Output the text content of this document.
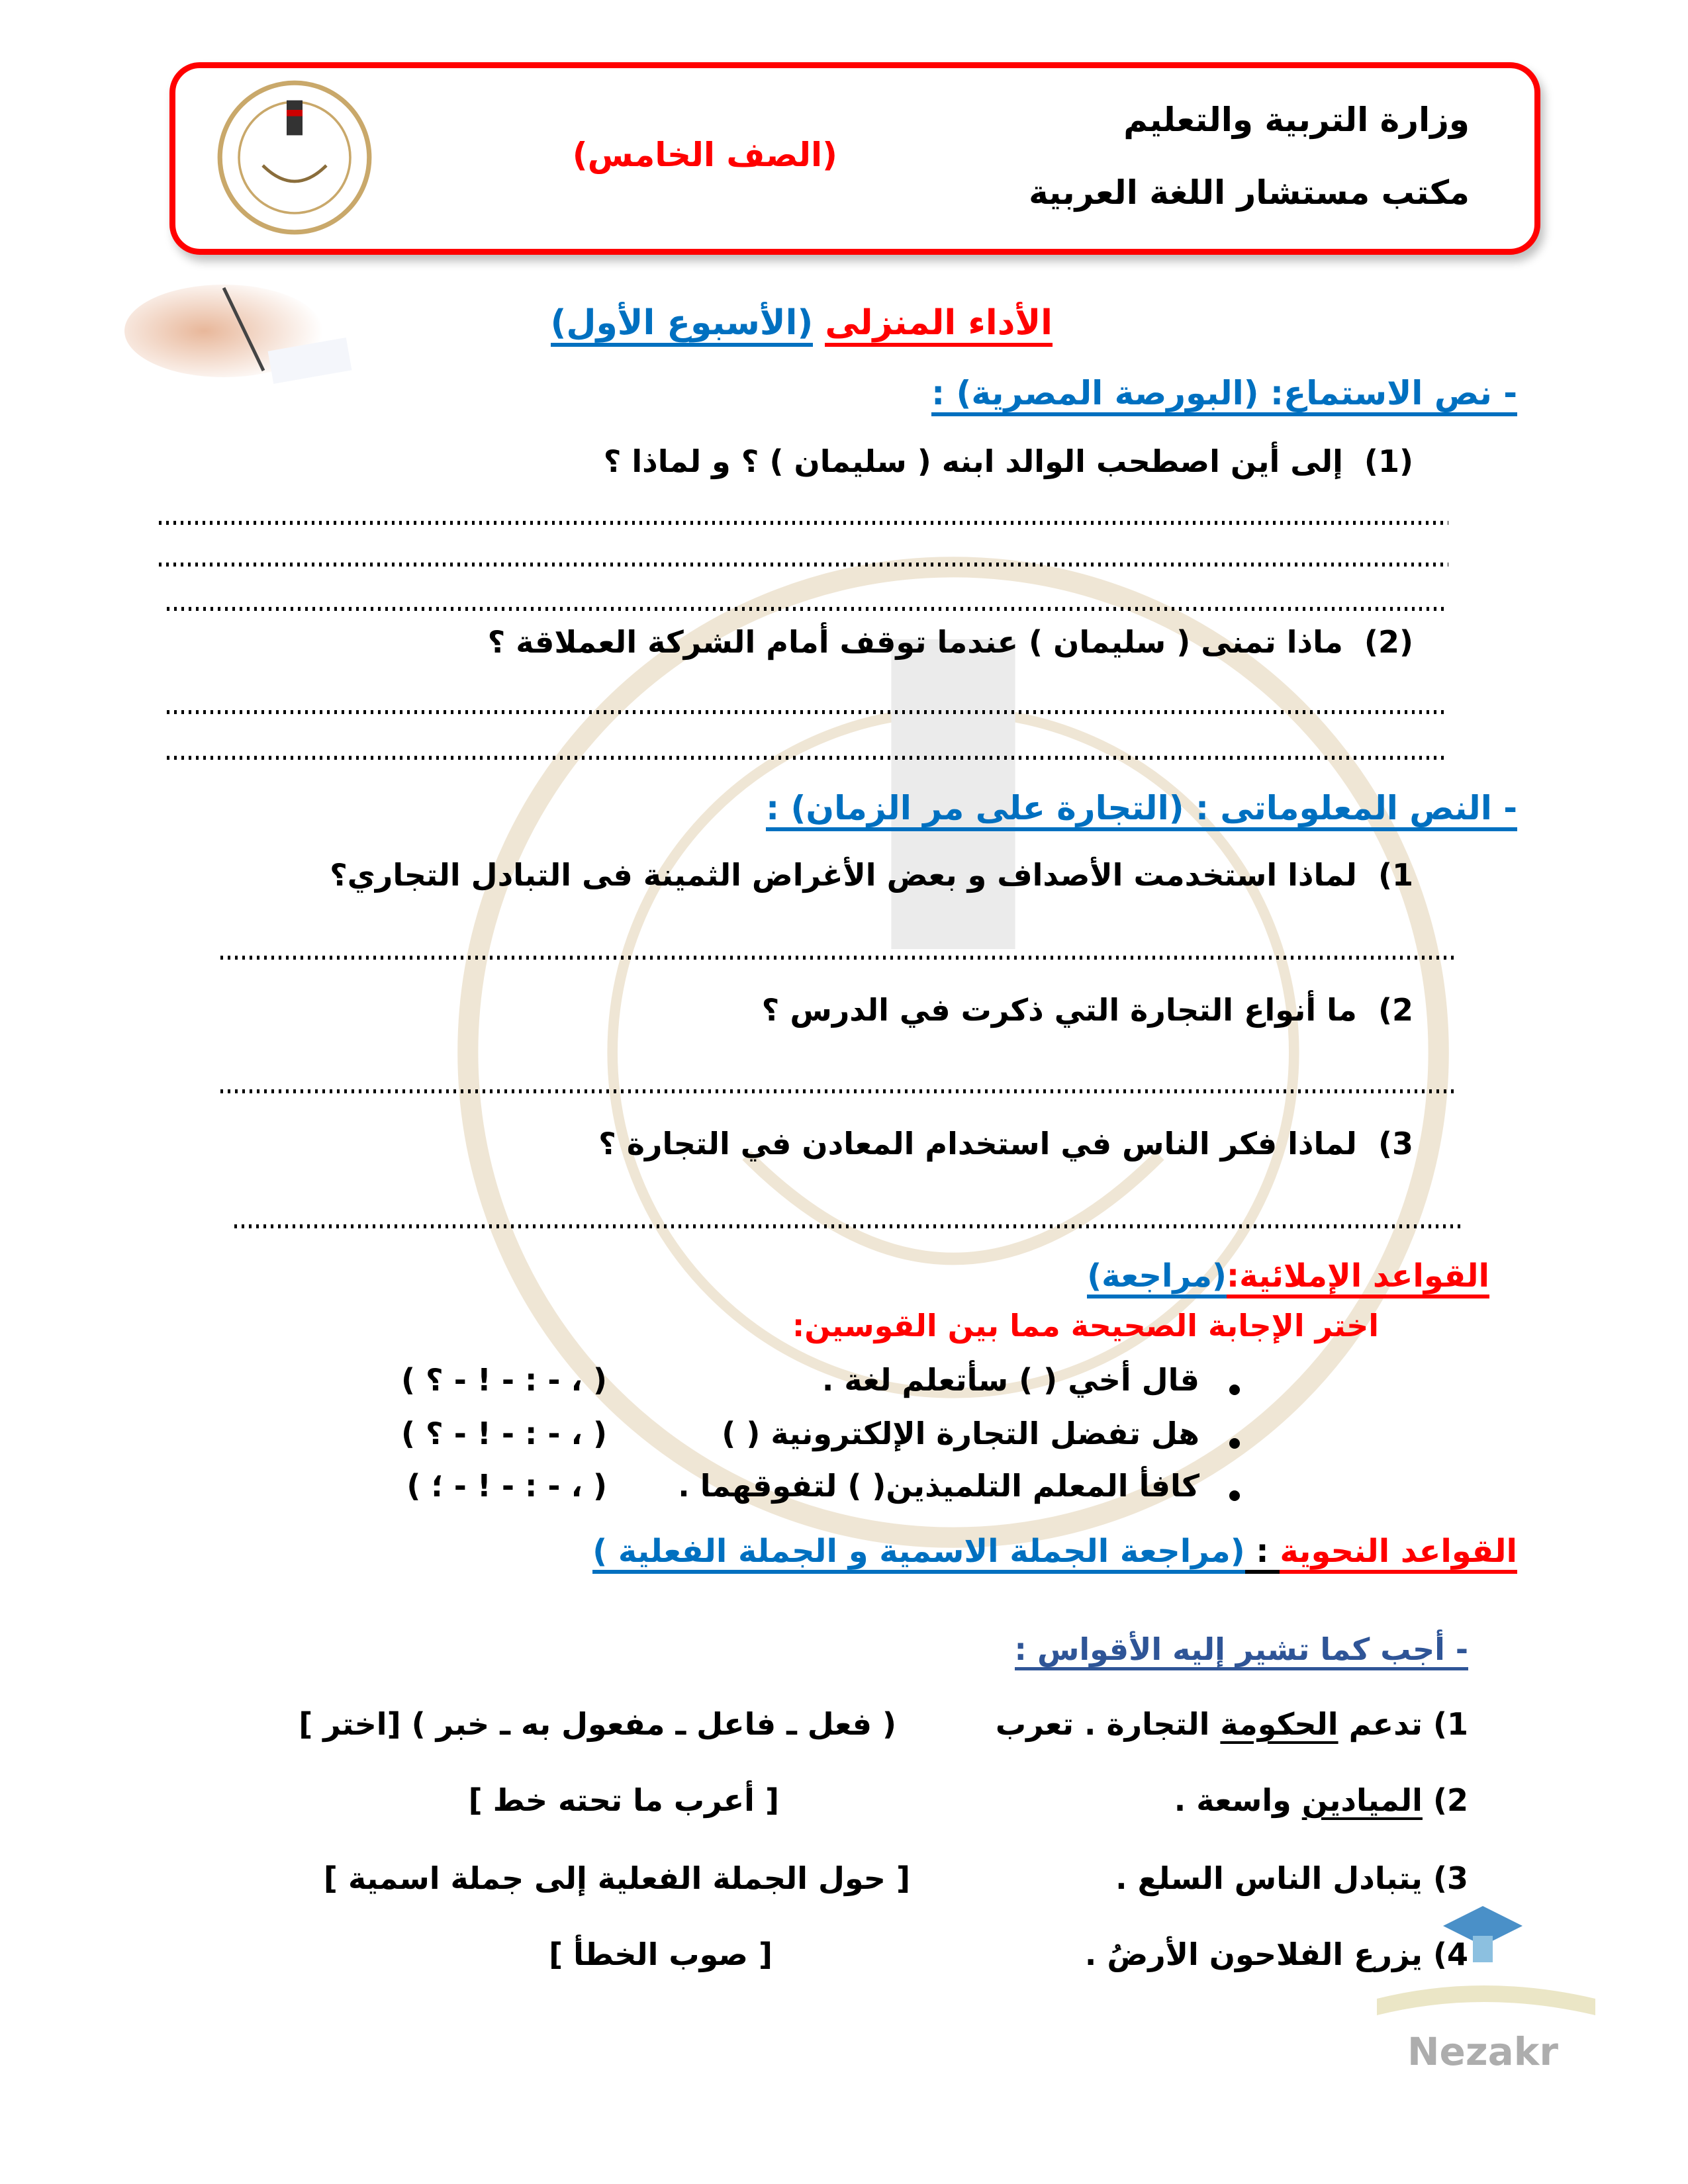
وزارة التربية والتعليم
مكتب مستشار اللغة العربية
(الصف الخامس)
الأداء المنزلى (الأسبوع الأول)
- نص الاستماع: (البورصة المصرية) :
(1)  إلى أين اصطحب الوالد ابنه ( سليمان ) ؟ و لماذا ؟
(2)  ماذا تمنى ( سليمان ) عندما توقف أمام الشركة العملاقة ؟
- النص المعلوماتى : (التجارة على مر الزمان) :
1)  لماذا استخدمت الأصداف و بعض الأغراض الثمينة فى التبادل التجاري؟
2)  ما أنواع التجارة التي ذكرت في الدرس ؟
3)  لماذا فكر الناس في استخدام المعادن في التجارة ؟
القواعد الإملائية:(مراجعة)
اختر الإجابة الصحيحة مما بين القوسين:
قال أخي ( ) سأتعلم لغة .
( ، - : - ! - ؟ )
هل تفضل التجارة الإلكترونية ( )
( ، - : - ! - ؟ )
كافأ المعلم التلميذين( ) لتفوقهما .
( ، - : - ! - ؛ )
القواعد النحوية : (مراجعة الجملة الاسمية و الجملة الفعلية )
- أجب كما تشير إليه الأقواس :
1) تدعم الحكومة التجارة . تعرب
( فعل ـ فاعل ـ مفعول به ـ خبر ) [اختر ]
2) الميادين واسعة .
[ أعرب ما تحته خط ]
3) يتبادل الناس السلع .
[ حول الجملة الفعلية إلى جملة اسمية ]
4) يزرع الفلاحون الأرضُ .
[ صوب الخطأ ]
Nezakr
